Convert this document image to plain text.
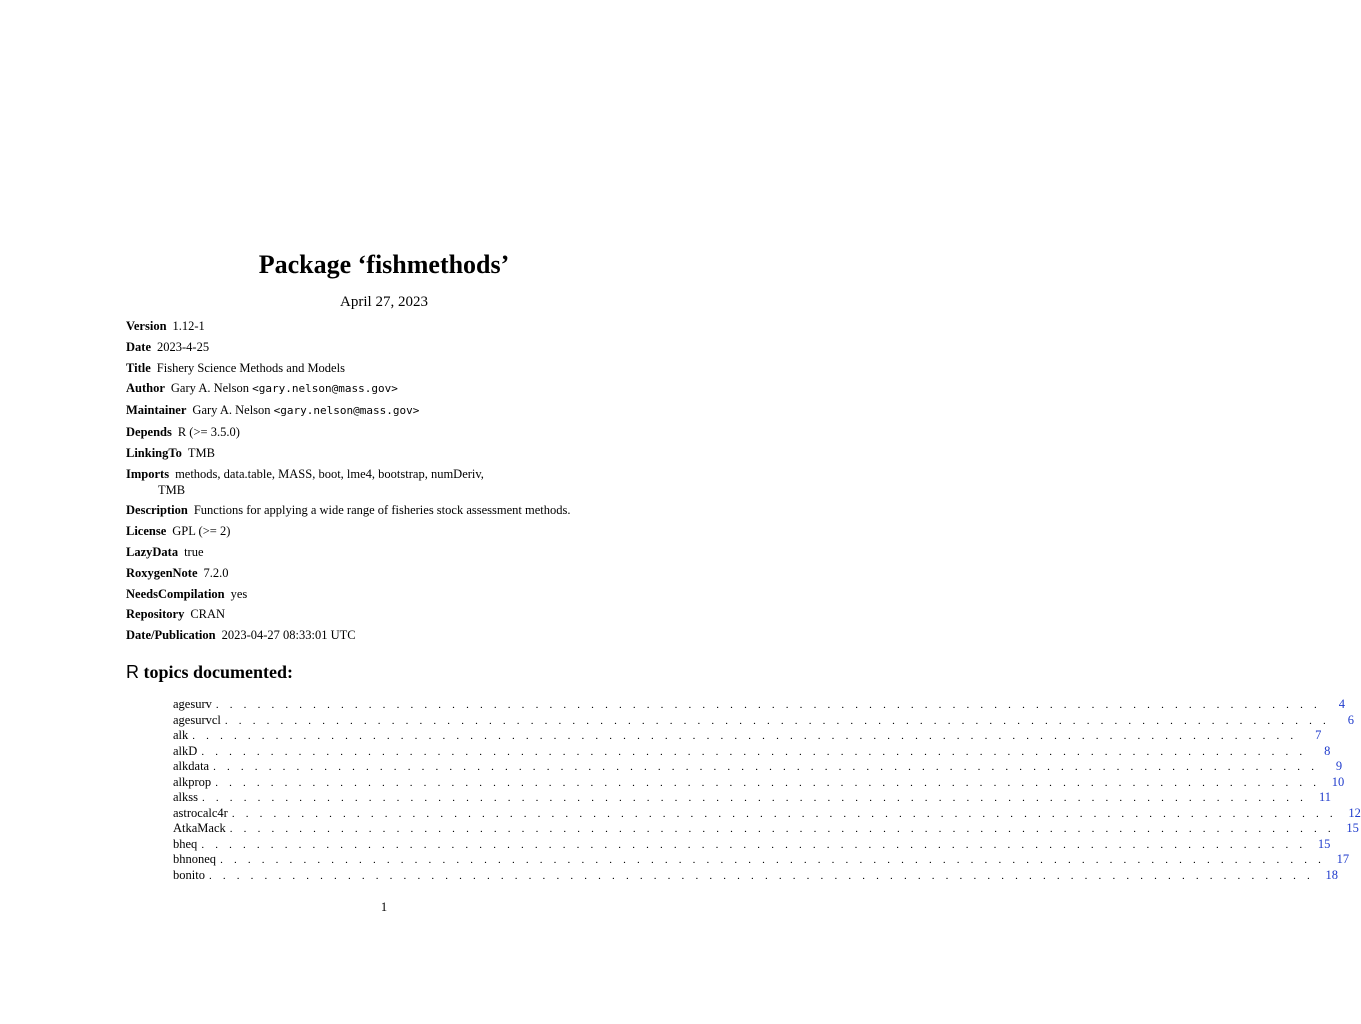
Package ‘fishmethods’
April 27, 2023
Version 1.12-1
Date 2023-4-25
Title Fishery Science Methods and Models
Author Gary A. Nelson <gary.nelson@mass.gov>
Maintainer Gary A. Nelson <gary.nelson@mass.gov>
Depends R (>= 3.5.0)
LinkingTo TMB
Imports methods, data.table, MASS, boot, lme4, bootstrap, numDeriv,
TMB
Description Functions for applying a wide range of fisheries stock assessment methods.
License GPL (>= 2)
LazyData true
RoxygenNote 7.2.0
NeedsCompilation yes
Repository CRAN
Date/Publication 2023-04-27 08:33:01 UTC
R topics documented:
agesurv . . . . . . . . . . . . . . . . . . . . . . . . . . . . . . . . . . . . . . . . . . . . . . . . . . . . . . . . . . . . . . . . . . . . . . . . . . . . . . . .	4
agesurvcl . . . . . . . . . . . . . . . . . . . . . . . . . . . . . . . . . . . . . . . . . . . . . . . . . . . . . . . . . . . . . . . . . . . . . . . . . . . . . . . .	6
alk . . . . . . . . . . . . . . . . . . . . . . . . . . . . . . . . . . . . . . . . . . . . . . . . . . . . . . . . . . . . . . . . . . . . . . . . . . . . . . . .	7
alkD . . . . . . . . . . . . . . . . . . . . . . . . . . . . . . . . . . . . . . . . . . . . . . . . . . . . . . . . . . . . . . . . . . . . . . . . . . . . . . . .	8
alkdata . . . . . . . . . . . . . . . . . . . . . . . . . . . . . . . . . . . . . . . . . . . . . . . . . . . . . . . . . . . . . . . . . . . . . . . . . . . . . . . .	9
alkprop . . . . . . . . . . . . . . . . . . . . . . . . . . . . . . . . . . . . . . . . . . . . . . . . . . . . . . . . . . . . . . . . . . . . . . . . . . . . . . . . 10
alkss . . . . . . . . . . . . . . . . . . . . . . . . . . . . . . . . . . . . . . . . . . . . . . . . . . . . . . . . . . . . . . . . . . . . . . . . . . . . . . . . 11
astrocalc4r . . . . . . . . . . . . . . . . . . . . . . . . . . . . . . . . . . . . . . . . . . . . . . . . . . . . . . . . . . . . . . . . . . . . . . . . . . . . . . . . 12
AtkaMack . . . . . . . . . . . . . . . . . . . . . . . . . . . . . . . . . . . . . . . . . . . . . . . . . . . . . . . . . . . . . . . . . . . . . . . . . . . . . . . . 15
bheq . . . . . . . . . . . . . . . . . . . . . . . . . . . . . . . . . . . . . . . . . . . . . . . . . . . . . . . . . . . . . . . . . . . . . . . . . . . . . . . . 15
bhnoneq . . . . . . . . . . . . . . . . . . . . . . . . . . . . . . . . . . . . . . . . . . . . . . . . . . . . . . . . . . . . . . . . . . . . . . . . . . . . . . . . 17
bonito . . . . . . . . . . . . . . . . . . . . . . . . . . . . . . . . . . . . . . . . . . . . . . . . . . . . . . . . . . . . . . . . . . . . . . . . . . . . . . . . 18
1
